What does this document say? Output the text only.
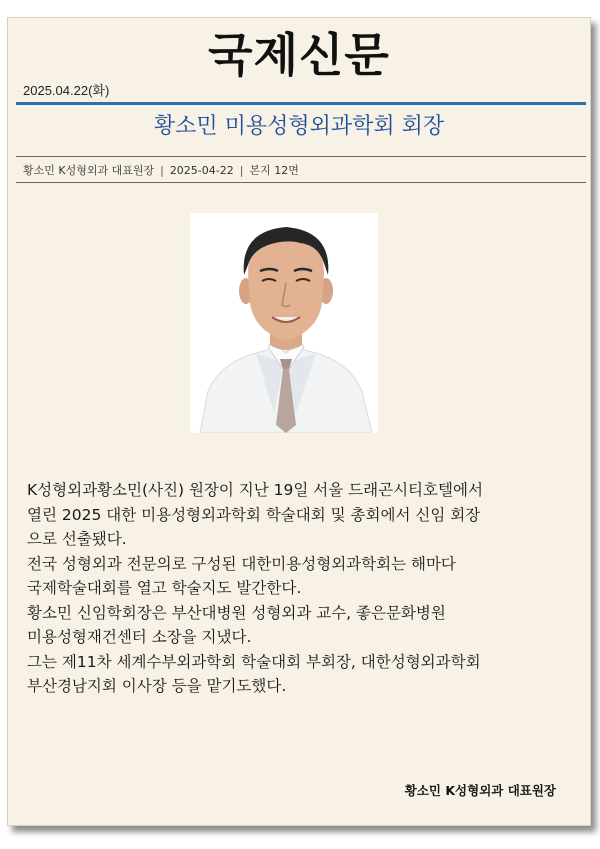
국제신문
2025.04.22(화)
황소민 미용성형외과학회 회장
황소민 K성형외과 대표원장 | 2025-04-22 | 본지 12면

K성형외과황소민(사진) 원장이 지난 19일 서울 드래곤시티호텔에서

열린 2025 대한 미용성형외과학회 학술대회 및 총회에서 신임 회장

으로 선출됐다.

전국 성형외과 전문의로 구성된 대한미용성형외과학회는 해마다

국제학술대회를 열고 학술지도 발간한다.

황소민 신임학회장은 부산대병원 성형외과 교수, 좋은문화병원

미용성형재건센터 소장을 지냈다.

그는 제11차 세계수부외과학회 학술대회 부회장, 대한성형외과학회

부산경남지회 이사장 등을 맡기도했다.

황소민 K성형외과 대표원장
